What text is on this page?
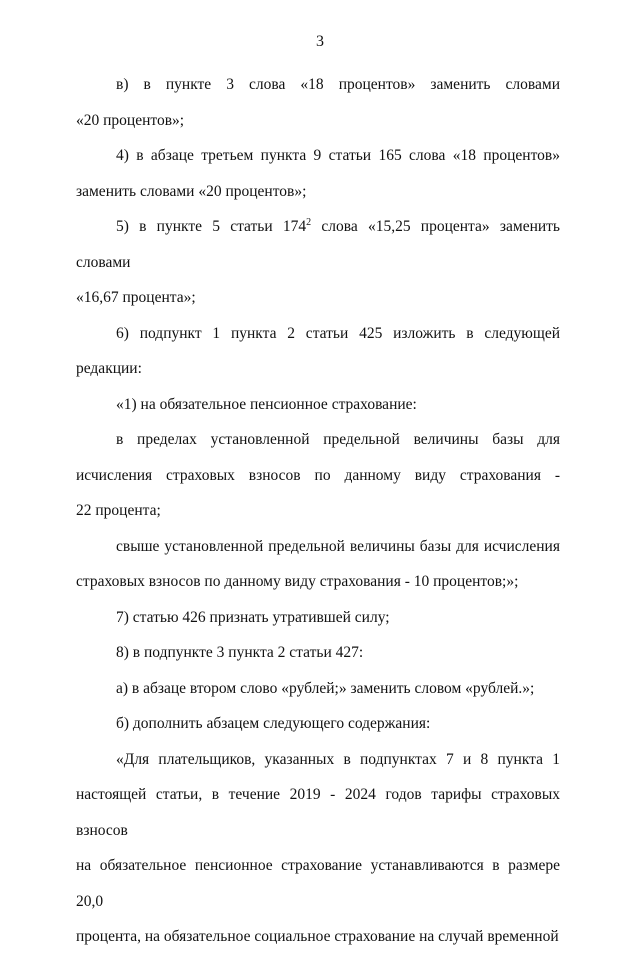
3

в) в пункте 3 слова «18 процентов» заменить словами
«20 процентов»;

4) в абзаце третьем пункта 9 статьи 165 слова «18 процентов»
заменить словами «20 процентов»;

5) в пункте 5 статьи $174^2$ слова «15,25 процента» заменить словами
«16,67 процента»;

6) подпункт 1 пункта 2 статьи 425 изложить в следующей редакции:

«1) на обязательное пенсионное страхование:

в пределах установленной предельной величины базы для
исчисления страховых взносов по данному виду страхования -
22 процента;

свыше установленной предельной величины базы для исчисления
страховых взносов по данному виду страхования - 10 процентов;»;

7) статью 426 признать утратившей силу;

8) в подпункте 3 пункта 2 статьи 427:

а) в абзаце втором слово «рублей;» заменить словом «рублей.»;

б) дополнить абзацем следующего содержания:

«Для плательщиков, указанных в подпунктах 7 и 8 пункта 1
настоящей статьи, в течение 2019 - 2024 годов тарифы страховых взносов
на обязательное пенсионное страхование устанавливаются в размере 20,0
процента, на обязательное социальное страхование на случай временной
